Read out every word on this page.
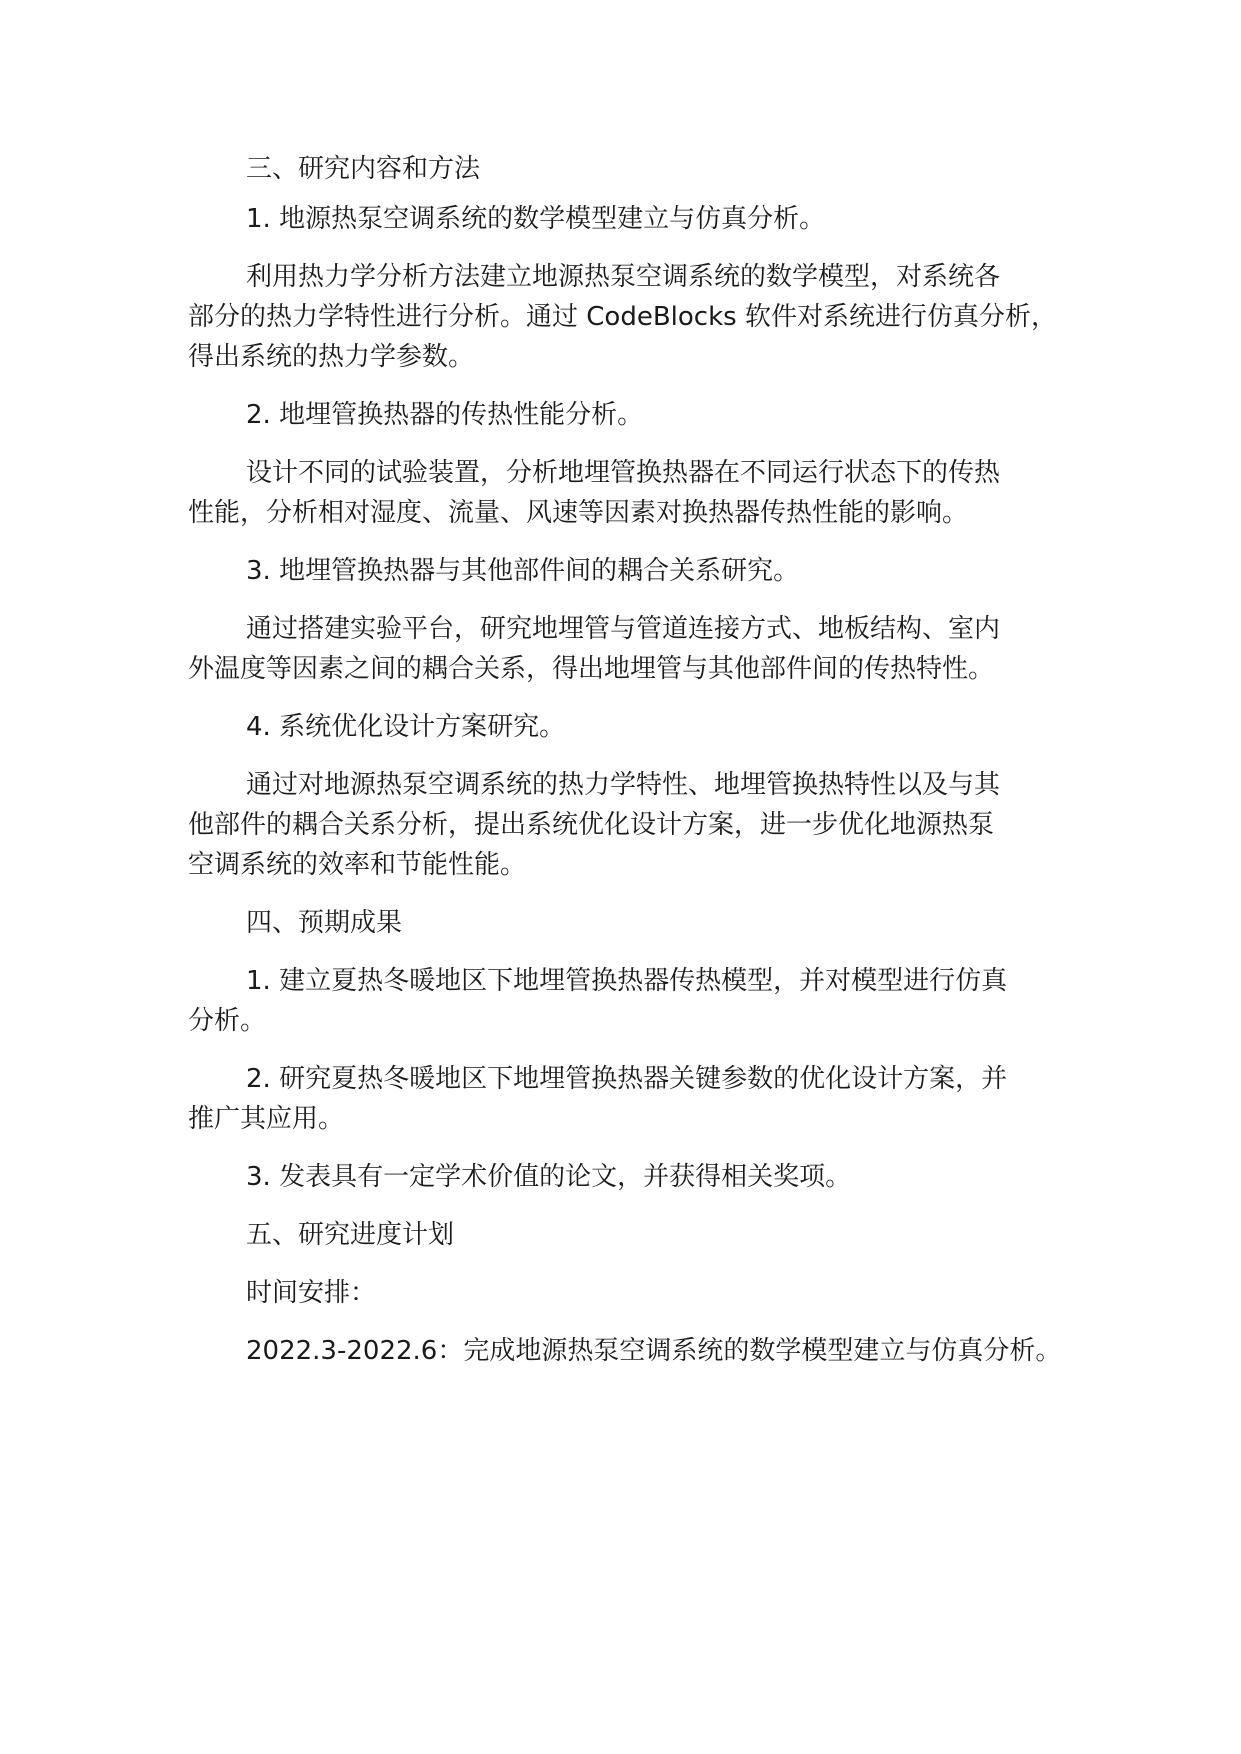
三、研究内容和方法
1. 地源热泵空调系统的数学模型建立与仿真分析。
利用热力学分析方法建立地源热泵空调系统的数学模型，对系统各
部分的热力学特性进行分析。通过 CodeBlocks 软件对系统进行仿真分析，
得出系统的热力学参数。
2. 地埋管换热器的传热性能分析。
设计不同的试验装置，分析地埋管换热器在不同运行状态下的传热
性能，分析相对湿度、流量、风速等因素对换热器传热性能的影响。
3. 地埋管换热器与其他部件间的耦合关系研究。
通过搭建实验平台，研究地埋管与管道连接方式、地板结构、室内
外温度等因素之间的耦合关系，得出地埋管与其他部件间的传热特性。
4. 系统优化设计方案研究。
通过对地源热泵空调系统的热力学特性、地埋管换热特性以及与其
他部件的耦合关系分析，提出系统优化设计方案，进一步优化地源热泵
空调系统的效率和节能性能。
四、预期成果
1. 建立夏热冬暖地区下地埋管换热器传热模型，并对模型进行仿真
分析。
2. 研究夏热冬暖地区下地埋管换热器关键参数的优化设计方案，并
推广其应用。
3. 发表具有一定学术价值的论文，并获得相关奖项。
五、研究进度计划
时间安排：
2022.3-2022.6：完成地源热泵空调系统的数学模型建立与仿真分析。
